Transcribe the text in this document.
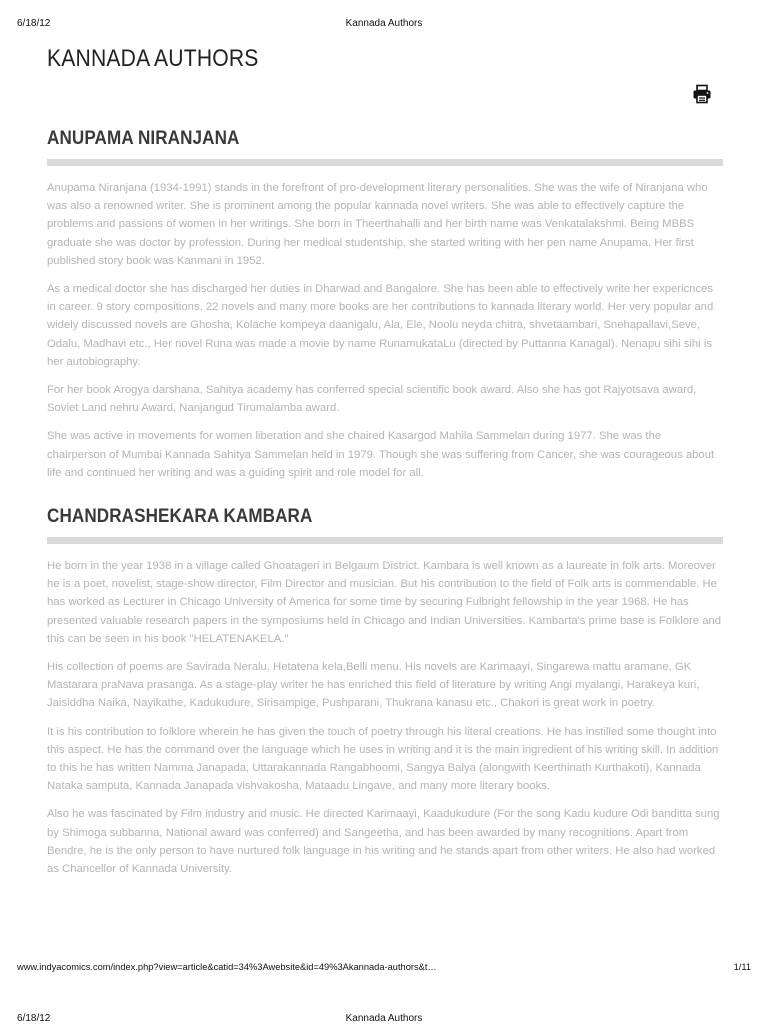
6/18/12	Kannada Authors
KANNADA AUTHORS
ANUPAMA NIRANJANA

Anupama Niranjana (1934-1991) stands in the forefront of pro-development literary personalities. She was the wife of Niranjana who was also a renowned writer. She is prominent among the popular kannada novel writers. She was able to effectively capture the problems and passions of women in her writings. She born in Theerthahalli and her birth name was Venkatalakshmi. Being MBBS graduate she was doctor by profession. During her medical studentship, she started writing with her pen name Anupama. Her first published story book was Kanmani in 1952.

As a medical doctor she has discharged her duties in Dharwad and Bangalore. She has been able to effectively write her expericnces in career. 9 story compositions, 22 novels and many more books are her contributions to kannada literary world. Her very popular and widely discussed novels are Ghosha, Kolache kompeya daanigalu, Ala, Ele, Noolu neyda chitra, shvetaambari, Snehapallavi,Seve, Odalu, Madhavi etc., Her novel Runa was made a movie by name RunamukataLu (directed by Puttanna Kanagal). Nenapu sihi sihi is her autobiography.

For her book Arogya darshana, Sahitya academy has conferred special scientific book award. Also she has got Rajyotsava award, Soviet Land nehru Award, Nanjangud Tirumalamba award.

She was active in movements for women liberation and she chaired Kasargod Mahila Sammelan during 1977. She was the chairperson of Mumbai Kannada Sahitya Sammelan held in 1979. Though she was suffering from Cancer, she was courageous about life and continued her writing and was a guiding spirit and role model for all.

CHANDRASHEKARA KAMBARA

He born in the year 1938 in a village called Ghoatageri in Belgaum District. Kambara is well known as a laureate in folk arts. Moreover he is a poet, novelist, stage-show director, Film Director and musician. But his contribution to the field of Folk arts is commendable. He has worked as Lecturer in Chicago University of America for some time by securing Fulbright fellowship in the year 1968. He has presented valuable research papers in the symposiums held in Chicago and Indian Universities. Kambarta's prime base is Folklore and this can be seen in his book "HELATENAKELA."

His collection of poems are Savirada Neralu, Hetatena kela,Belli menu. His novels are Karimaayi, Singarewa mattu aramane, GK Mastarara praNava prasanga. As a stage-play writer he has enriched this field of literature by writing Angi myalangi, Harakeya kuri, Jaisiddha Naika, Nayikathe, Kadukudure, Sirisampige, Pushparani, Thukrana kanasu etc., Chakori is great work in poetry.

It is his contribution to folklore wherein he has given the touch of poetry through his literal creations. He has instilled some thought into this aspect. He has the command over the language which he uses in writing and it is the main ingredient of his writing skill. In addition to this he has written Namma Janapada, Uttarakannada Rangabhoomi, Sangya Balya (alongwith Keerthinath Kurthakoti), Kannada Nataka samputa, Kannada Janapada vishvakosha, Mataadu Lingave, and many more literary books.

Also he was fascinated by Film industry and music. He directed Karimaayi, Kaadukudure (For the song Kadu kudure Odi banditta sung by Shimoga subbanna, National award was conferred) and Sangeetha, and has been awarded by many recognitions. Apart from Bendre, he is the only person to have nurtured folk language in his writing and he stands apart from other writers. He also had worked as Chancellor of Kannada University.

www.indyacomics.com/index.php?view=article&catid=34%3Awebsite&id=49%3Akannada-authors&t…	1/11
6/18/12	Kannada Authors
